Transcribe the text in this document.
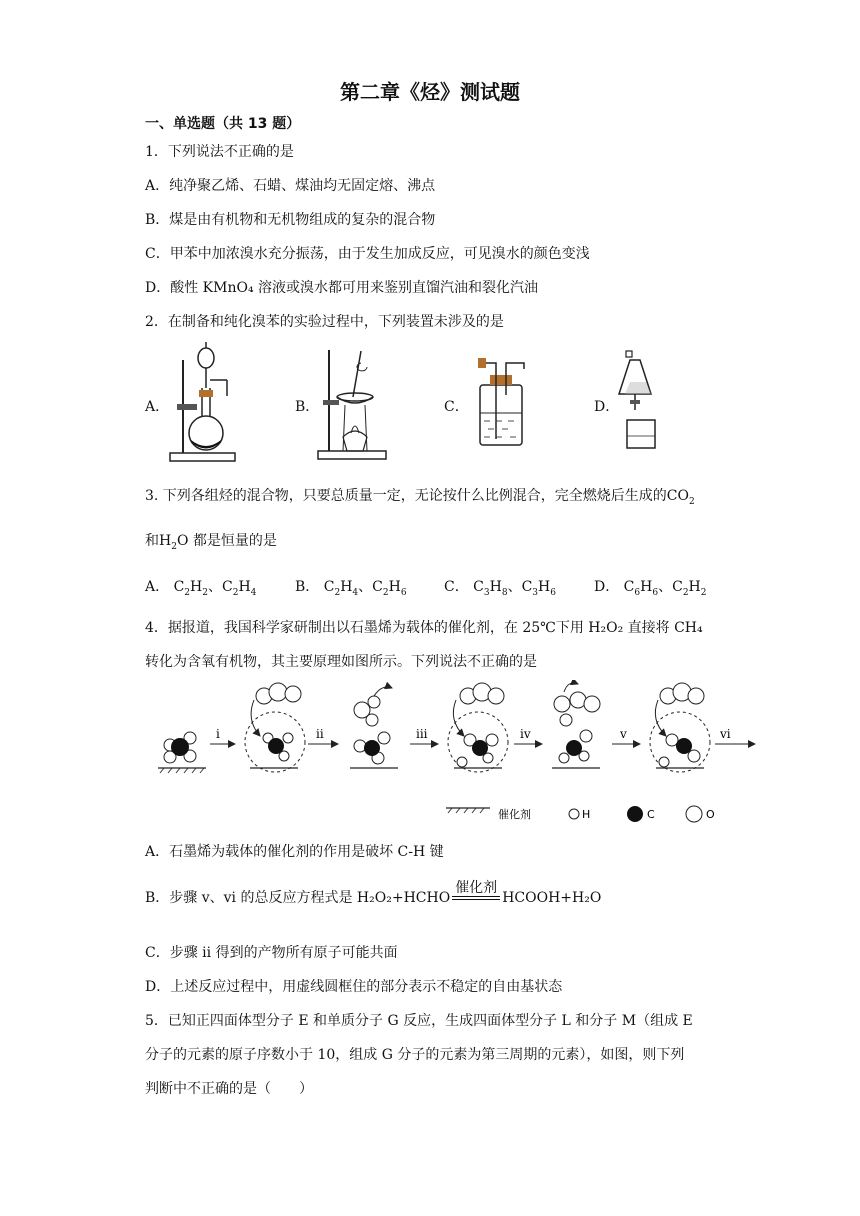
第二章《烃》测试题
一、单选题（共 13 题）
1．下列说法不正确的是
A．纯净聚乙烯、石蜡、煤油均无固定熔、沸点
B．煤是由有机物和无机物组成的复杂的混合物
C．甲苯中加浓溴水充分振荡，由于发生加成反应，可见溴水的颜色变浅
D．酸性 KMnO₄ 溶液或溴水都可用来鉴别直馏汽油和裂化汽油
2．在制备和纯化溴苯的实验过程中，下列装置未涉及的是
A．	B．	C．	D．
3. 下列各组烃的混合物，只要总质量一定，无论按什么比例混合，完全燃烧后生成的$CO_2$
和$H_2O$ 都是恒量的是
A． $C_2H_2$、$C_2H_4$	B． $C_2H_4$、$C_2H_6$	C． $C_3H_8$、$C_3H_6$	D． $C_6H_6$、$C_2H_2$
4．据报道，我国科学家研制出以石墨烯为载体的催化剂，在 25℃下用 H₂O₂ 直接将 CH₄
转化为含氧有机物，其主要原理如图所示。下列说法不正确的是
i	ii	iii	iv	v	vi
催化剂	H	C	O
A．石墨烯为载体的催化剂的作用是破坏 C-H 键
B．步骤 v、vi 的总反应方程式是 H₂O₂+HCHO
催化剂

HCOOH+H₂O
C．步骤 ii 得到的产物所有原子可能共面
D．上述反应过程中，用虚线圆框住的部分表示不稳定的自由基状态
5．已知正四面体型分子 E 和单质分子 G 反应，生成四面体型分子 L 和分子 M（组成 E
分子的元素的原子序数小于 10，组成 G 分子的元素为第三周期的元素），如图，则下列
判断中不正确的是（　　）
